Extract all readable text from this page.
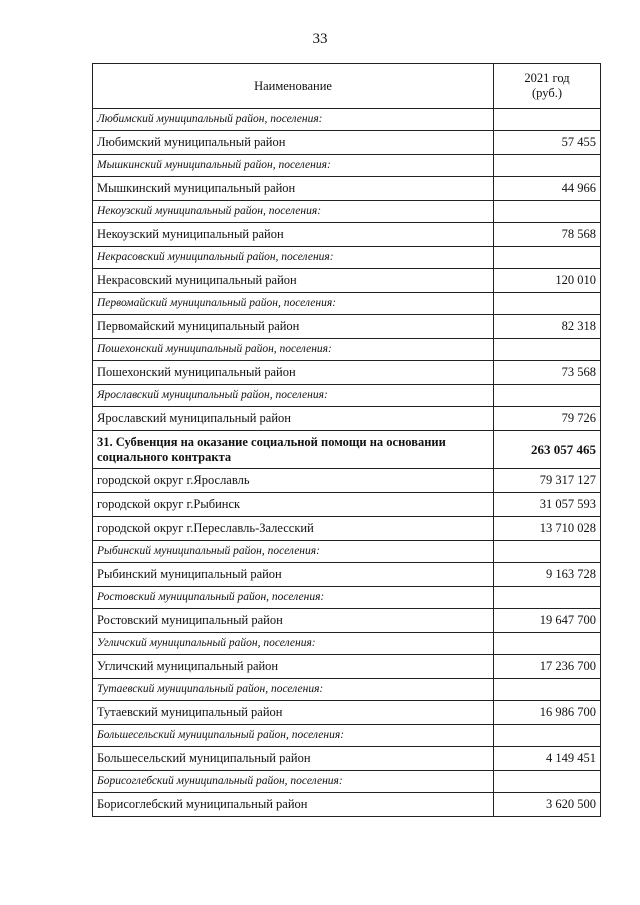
33
Наименование	2021 год
(руб.)
Любимский муниципальный район, поселения:	
Любимский муниципальный район	57 455
Мышкинский муниципальный район, поселения:	
Мышкинский муниципальный район	44 966
Некоузский муниципальный район, поселения:	
Некоузский муниципальный район	78 568
Некрасовский муниципальный район, поселения:	
Некрасовский муниципальный район	120 010
Первомайский муниципальный район, поселения:	
Первомайский муниципальный район	82 318
Пошехонский муниципальный район, поселения:	
Пошехонский муниципальный район	73 568
Ярославский муниципальный район, поселения:	
Ярославский муниципальный район	79 726
31. Субвенция на оказание социальной помощи на основании социального контракта	263 057 465
городской округ г.Ярославль	79 317 127
городской округ г.Рыбинск	31 057 593
городской округ г.Переславль-Залесский	13 710 028
Рыбинский муниципальный район, поселения:	
Рыбинский муниципальный район	9 163 728
Ростовский муниципальный район, поселения:	
Ростовский муниципальный район	19 647 700
Угличский муниципальный район, поселения:	
Угличский муниципальный район	17 236 700
Тутаевский муниципальный район, поселения:	
Тутаевский муниципальный район	16 986 700
Большесельский муниципальный район, поселения:	
Большесельский муниципальный район	4 149 451
Борисоглебский муниципальный район, поселения:	
Борисоглебский муниципальный район	3 620 500
